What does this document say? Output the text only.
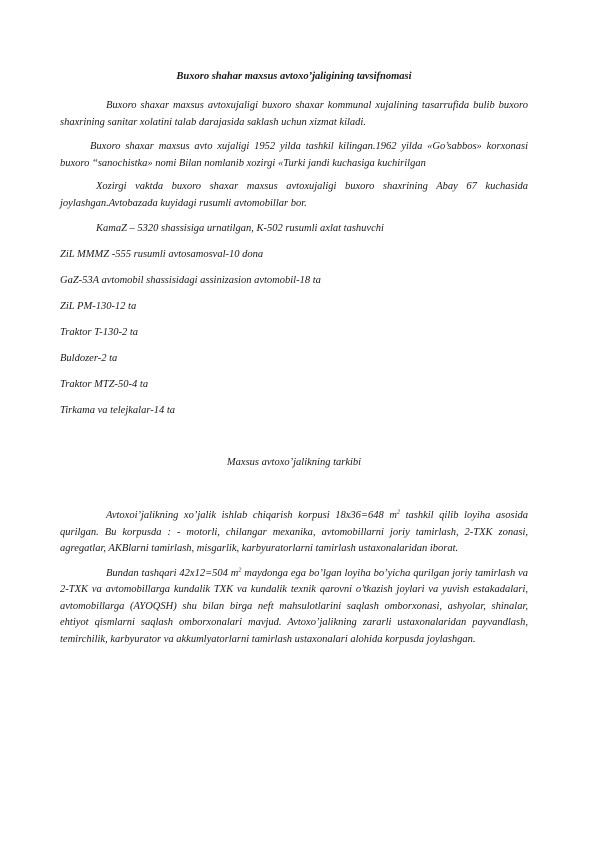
Buxoro shahar maxsus avtoxo’jaligining tavsifnomasi

Buxoro shaxar maxsus avtoxujaligi buxoro shaxar kommunal xujalining tasarrufida bulib buxoro shaxrining sanitar xolatini talab darajasida saklash uchun xizmat kiladi.

Buxoro shaxar maxsus avto xujaligi 1952 yilda tashkil kilingan.1962 yilda «Go’sabbos» korxonasi buxoro “sanochistka» nomi Bilan nomlanib xozirgi «Turki jandi kuchasiga kuchirilgan

Xozirgi vaktda buxoro shaxar maxsus avtoxujaligi buxoro shaxrining Abay 67 kuchasida joylashgan.Avtobazada kuyidagi rusumli avtomobillar bor.

KamaZ – 5320 shassisiga urnatilgan, K-502 rusumli axlat tashuvchi

ZiL MMMZ -555 rusumli avtosamosval-10 dona

GaZ-53A avtomobil shassisidagi assinizasion avtomobil-18 ta

ZiL PM-130-12 ta

Traktor T-130-2 ta

Buldozer-2 ta

Traktor MTZ-50-4 ta

Tirkama va telejkalar-14 ta

Maxsus avtoxo’jalikning tarkibi

Avtoxoi’jalikning xo’jalik ishlab chiqarish korpusi 18x36=648 $m^2$ tashkil qilib loyiha asosida qurilgan. Bu korpusda : - motorli, chilangar mexanika, avtomobillarni joriy tamirlash, 2-TXK zonasi, agregatlar, AKBlarni tamirlash, misgarlik, karbyuratorlarni tamirlash ustaxonalaridan iborat.

Bundan tashqari 42x12=504 $m^2$ maydonga ega bo’lgan loyiha bo’yicha qurilgan joriy tamirlash va 2-TXK va avtomobillarga kundalik TXK va kundalik texnik qarovni o’tkazish joylari va yuvish estakadalari, avtomobillarga (AYOQSH) shu bilan birga neft mahsulotlarini saqlash omborxonasi, ashyolar, shinalar, ehtiyot qismlarni saqlash omborxonalari mavjud. Avtoxo’jalikning zararli ustaxonalaridan payvandlash, temirchilik, karbyurator va akkumlyatorlarni tamirlash ustaxonalari alohida korpusda joylashgan.
